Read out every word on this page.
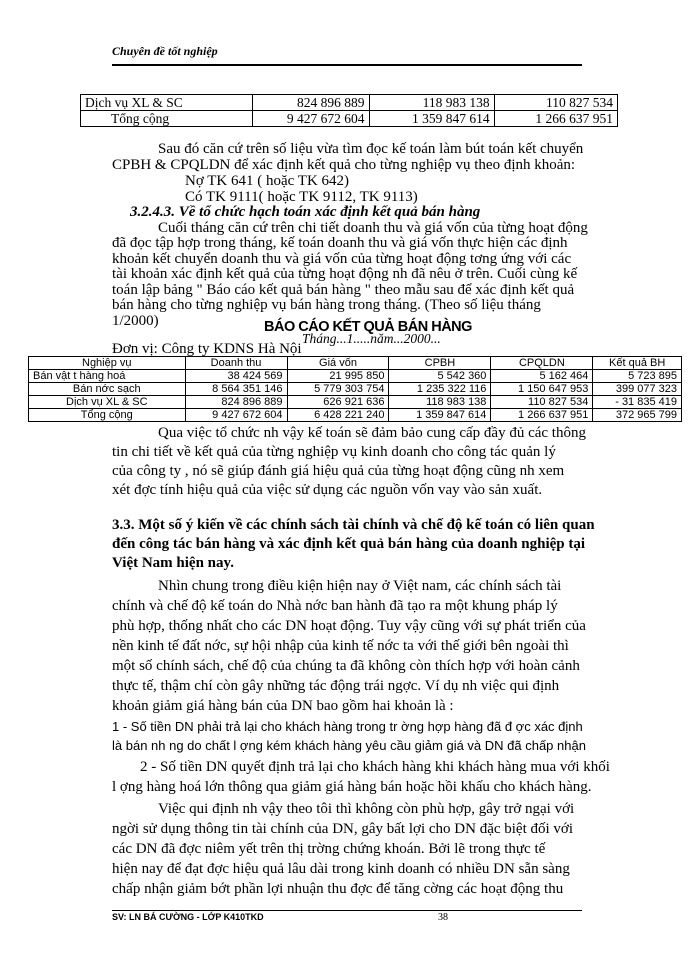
Chuyên đề tốt nghiệp
Dịch vụ XL & SC	824 896 889	118 983 138	110 827 534
Tổng cộng	9 427 672 604	1 359 847 614	1 266 637 951
Sau đó căn cứ trên số liệu vừa tìm đọc kế toán làm bút toán kết chuyển
CPBH & CPQLDN để xác định kết quả cho từng nghiệp vụ theo định khoản:
Nợ TK 641 ( hoặc TK 642)
Có TK 9111( hoặc TK 9112, TK 9113)
3.2.4.3. Về tổ chức hạch toán xác định kết quả bán hàng
Cuối tháng căn cứ trên chi tiết doanh thu và giá vốn của từng hoạt động
đã đọc tập hợp trong tháng, kế toán doanh thu và giá vốn thực hiện các định
khoản kết chuyển doanh thu và giá vốn của từng hoạt động tơng ứng với các
tài khoản xác định kết quả của từng hoạt động nh đã nêu ở trên. Cuối cùng kế
toán lập bảng " Báo cáo kết quả bán hàng " theo mẫu sau để xác định kết quả
bán hàng cho từng nghiệp vụ bán hàng trong tháng. (Theo số liệu tháng
1/2000)	BÁO CÁO KẾT QUẢ BÁN HÀNG
Tháng...1.....năm...2000...
Đơn vị: Công ty KDNS Hà Nội
Nghiệp vụ	Doanh thu	Giá vốn	CPBH	CPQLDN	Kết quả BH
Bán vật t hàng hoá	38 424 569	21 995 850	5 542 360	5 162 464	5 723 895
Bán nớc sạch	8 564 351 146	5 779 303 754	1 235 322 116	1 150 647 953	399 077 323
Dịch vụ XL & SC	824 896 889	626 921 636	118 983 138	110 827 534	- 31 835 419
Tổng cộng	9 427 672 604	6 428 221 240	1 359 847 614	1 266 637 951	372 965 799
Qua việc tổ chức nh vậy kế toán sẽ đảm bảo cung cấp đầy đủ các thông
tin chi tiết về kết quả của từng nghiệp vụ kinh doanh cho công tác quản lý
của công ty , nó sẽ giúp đánh giá hiệu quả của từng hoạt động cũng nh xem
xét đợc tính hiệu quả của việc sử dụng các nguồn vốn vay vào sản xuất.
3.3. Một số ý kiến về các chính sách tài chính và chế độ kế toán có liên quan
đến công tác bán hàng và xác định kết quả bán hàng của doanh nghiệp tại
Việt Nam hiện nay.
Nhìn chung trong điều kiện hiện nay ở Việt nam, các chính sách tài
chính và chế độ kế toán do Nhà nớc ban hành đã tạo ra một khung pháp lý
phù hợp, thống nhất cho các DN hoạt động. Tuy vậy cũng với sự phát triển của
nền kinh tế đất nớc, sự hội nhập của kinh tế nớc ta với thế giới bên ngoài thì
một số chính sách, chế độ của chúng ta đã không còn thích hợp với hoàn cảnh
thực tế, thậm chí còn gây những tác động trái ngợc. Ví dụ nh việc qui định
khoản giảm giá hàng bán của DN bao gồm hai khoản là :
1 - Số tiền DN phải trả lại cho khách hàng trong tr ờng hợp hàng đã đ ợc xác định
là bán nh ng do chất l ợng kém khách hàng yêu cầu giảm giá và DN đã chấp nhận
2 - Số tiền DN quyết định trả lại cho khách hàng khi khách hàng mua với khối
l ợng hàng hoá lớn thông qua giảm giá hàng bán hoặc hồi khấu cho khách hàng.
Việc qui định nh vậy theo tôi thì không còn phù hợp, gây trở ngại với
ngời sử dụng thông tin tài chính của DN, gây bất lợi cho DN đặc biệt đối với
các DN đã đợc niêm yết trên thị trờng chứng khoán. Bởi lẽ trong thực tế
hiện nay để đạt đợc hiệu quả lâu dài trong kinh doanh có nhiều DN sẵn sàng
chấp nhận giảm bớt phần lợi nhuận thu đợc để tăng cờng các hoạt động thu
SV: LN BÁ CƯỜNG - LỚP K410TKD	38
